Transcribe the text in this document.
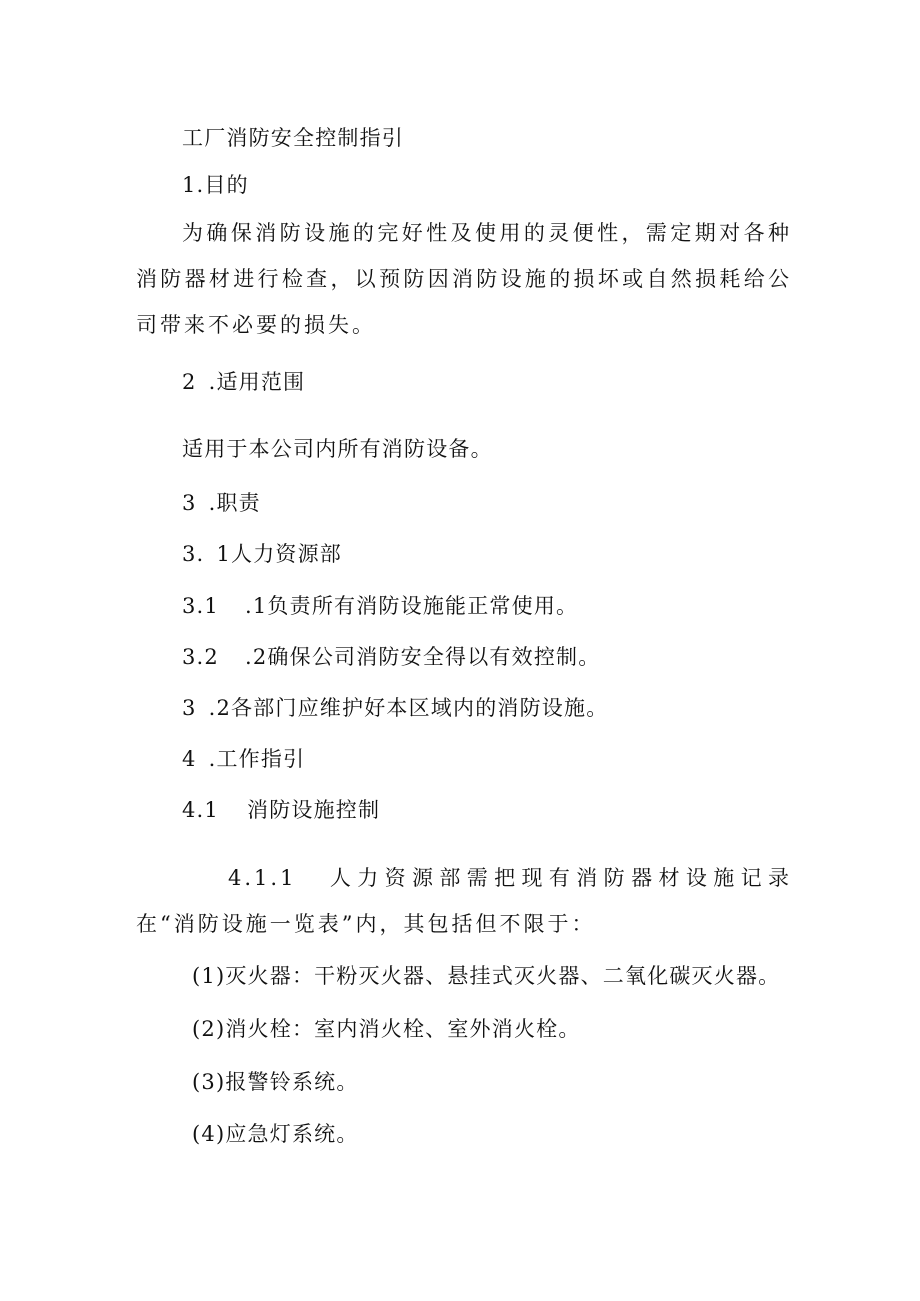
工厂消防安全控制指引
1.目的
为确保消防设施的完好性及使用的灵便性，需定期对各种消防器材进行检查，以预防因消防设施的损坏或自然损耗给公司带来不必要的损失。
2 .适用范围
适用于本公司内所有消防设备。
3 .职责
3. 1人力资源部
3.1 .1负责所有消防设施能正常使用。
3.2 .2确保公司消防安全得以有效控制。
3 .2各部门应维护好本区域内的消防设施。
4 .工作指引
4.1 消防设施控制
4.1.1 人力资源部需把现有消防器材设施记录在“消防设施一览表”内，其包括但不限于：
(1)灭火器：干粉灭火器、悬挂式灭火器、二氧化碳灭火器。
(2)消火栓：室内消火栓、室外消火栓。
(3)报警铃系统。
(4)应急灯系统。
